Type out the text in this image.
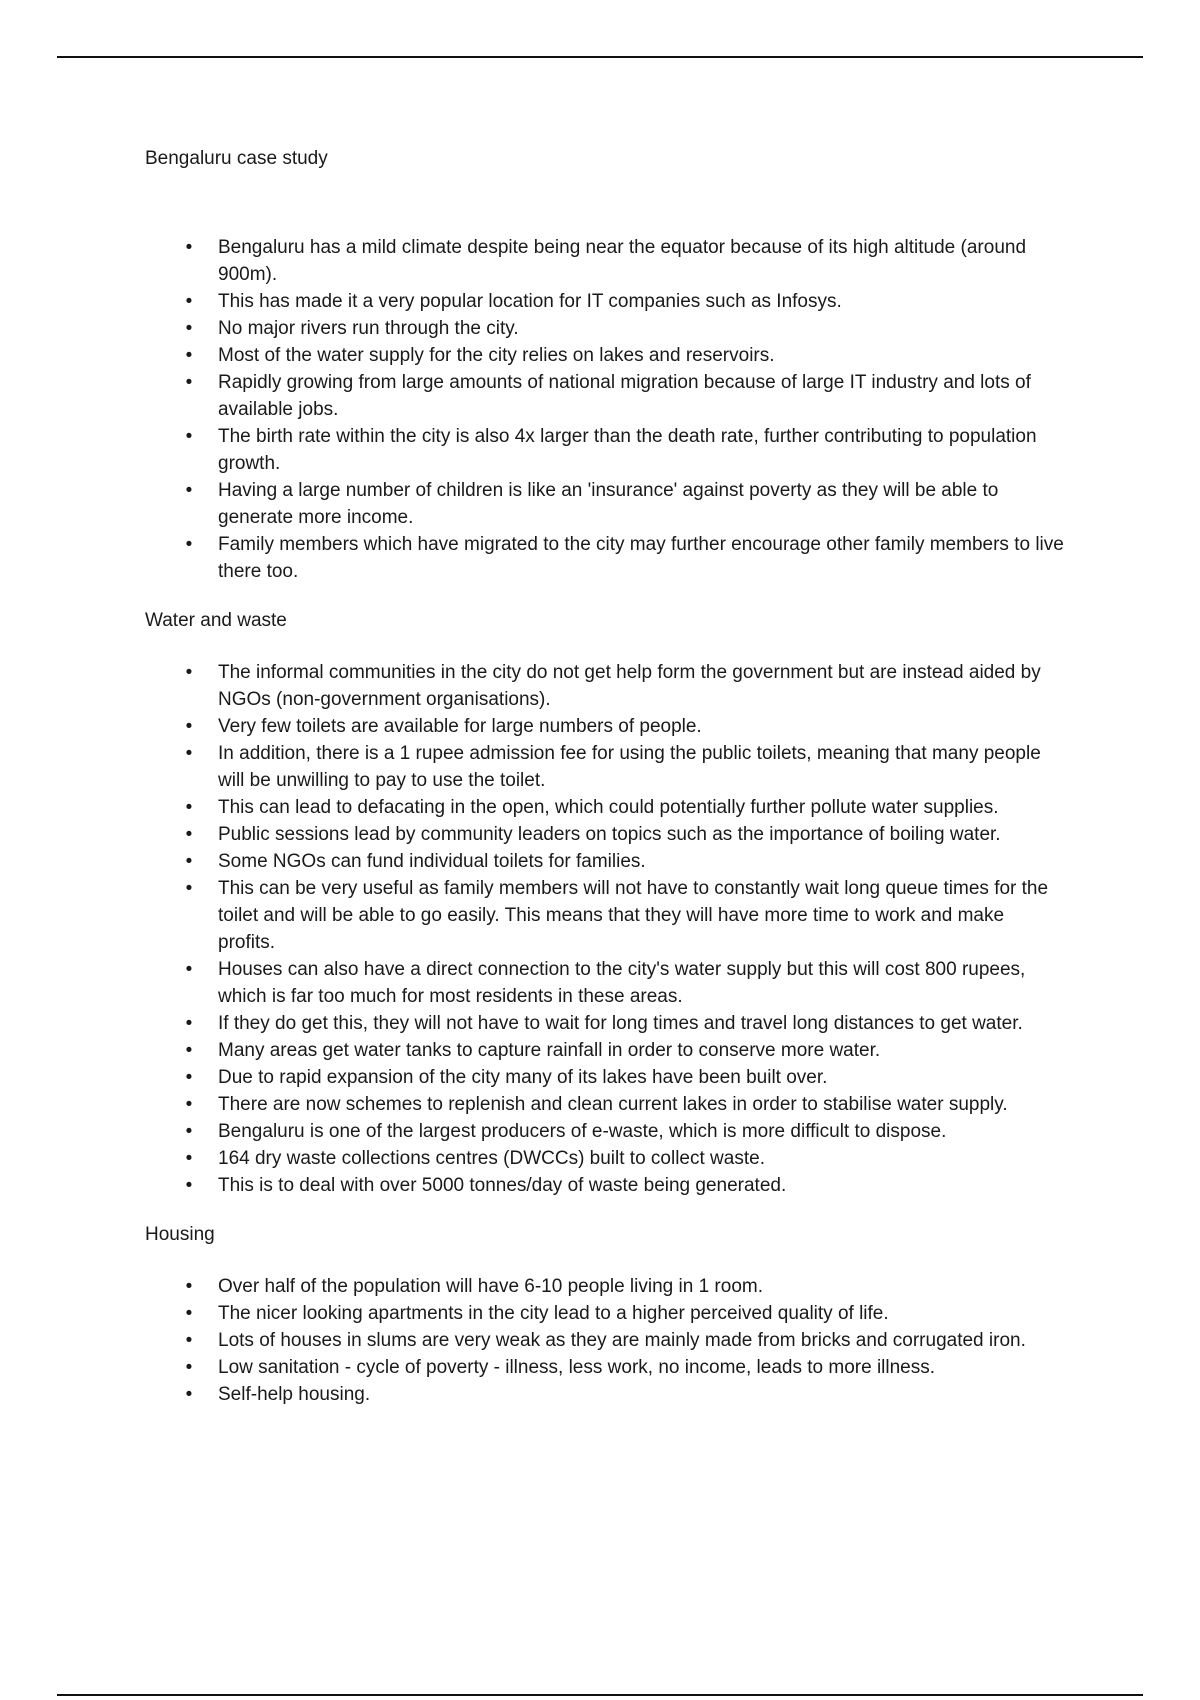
Bengaluru case study

• Bengaluru has a mild climate despite being near the equator because of its high altitude (around 900m).
• This has made it a very popular location for IT companies such as Infosys.
• No major rivers run through the city.
• Most of the water supply for the city relies on lakes and reservoirs.
• Rapidly growing from large amounts of national migration because of large IT industry and lots of available jobs.
• The birth rate within the city is also 4x larger than the death rate, further contributing to population growth.
• Having a large number of children is like an 'insurance' against poverty as they will be able to generate more income.
• Family members which have migrated to the city may further encourage other family members to live there too.

Water and waste

• The informal communities in the city do not get help form the government but are instead aided by NGOs (non-government organisations).
• Very few toilets are available for large numbers of people.
• In addition, there is a 1 rupee admission fee for using the public toilets, meaning that many people will be unwilling to pay to use the toilet.
• This can lead to defacating in the open, which could potentially further pollute water supplies.
• Public sessions lead by community leaders on topics such as the importance of boiling water.
• Some NGOs can fund individual toilets for families.
• This can be very useful as family members will not have to constantly wait long queue times for the toilet and will be able to go easily. This means that they will have more time to work and make profits.
• Houses can also have a direct connection to the city's water supply but this will cost 800 rupees, which is far too much for most residents in these areas.
• If they do get this, they will not have to wait for long times and travel long distances to get water.
• Many areas get water tanks to capture rainfall in order to conserve more water.
• Due to rapid expansion of the city many of its lakes have been built over.
• There are now schemes to replenish and clean current lakes in order to stabilise water supply.
• Bengaluru is one of the largest producers of e-waste, which is more difficult to dispose.
• 164 dry waste collections centres (DWCCs) built to collect waste.
• This is to deal with over 5000 tonnes/day of waste being generated.

Housing

• Over half of the population will have 6-10 people living in 1 room.
• The nicer looking apartments in the city lead to a higher perceived quality of life.
• Lots of houses in slums are very weak as they are mainly made from bricks and corrugated iron.
• Low sanitation - cycle of poverty - illness, less work, no income, leads to more illness.
• Self-help housing.
